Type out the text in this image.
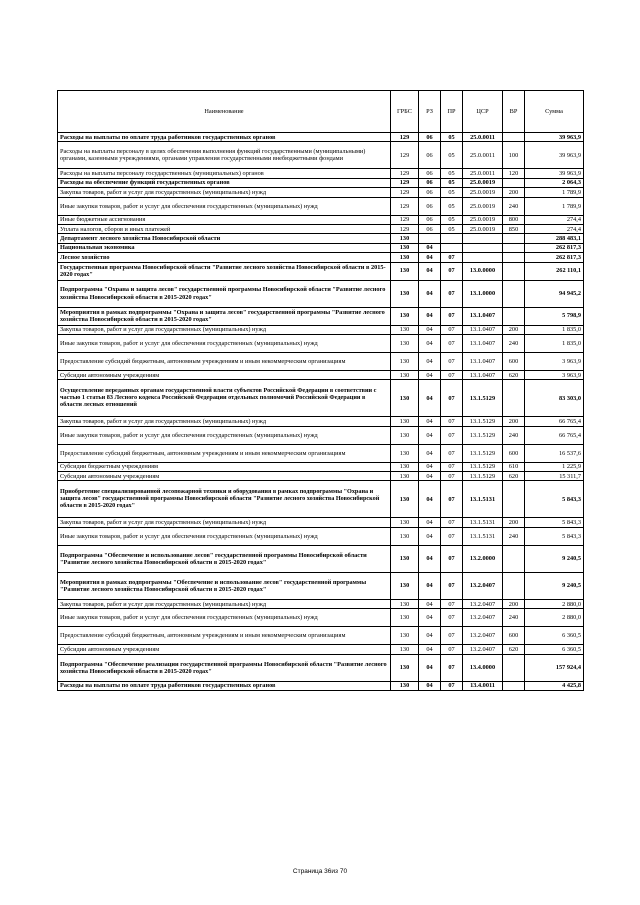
Наименование	ГРБС	РЗ	ПР	ЦСР	ВР	Сумма
Расходы на выплаты по оплате труда работников государственных органов	129	06	05	25.0.0011		39 963,9
Расходы на выплаты персоналу в целях обеспечения выполнения функций государственными (муниципальными) органами, казенными учреждениями, органами управления государственными внебюджетными фондами	129	06	05	25.0.0011	100	39 963,9
Расходы на выплаты персоналу государственных (муниципальных) органов	129	06	05	25.0.0011	120	39 963,9
Расходы на обеспечение функций государственных органов	129	06	05	25.0.0019		2 064,3
Закупка товаров, работ и услуг для государственных (муниципальных) нужд	129	06	05	25.0.0019	200	1 789,9
Иные закупки товаров, работ и услуг для обеспечения государственных (муниципальных) нужд	129	06	05	25.0.0019	240	1 789,9
Иные бюджетные ассигнования	129	06	05	25.0.0019	800	274,4
Уплата налогов, сборов и иных платежей	129	06	05	25.0.0019	850	274,4
Департамент лесного хозяйства Новосибирской области	130					288 483,1
Национальная экономика	130	04				262 817,3
Лесное хозяйство	130	04	07			262 817,3
Государственная программа Новосибирской области "Развитие лесного хозяйства Новосибирской области в 2015-2020 годах"	130	04	07	13.0.0000		262 110,1
Подпрограмма "Охрана и защита лесов" государственной программы Новосибирской области "Развитие лесного хозяйства Новосибирской области в 2015-2020 годах"	130	04	07	13.1.0000		94 945,2
Мероприятия в рамках подпрограммы "Охрана и защита лесов" государственной программы "Развитие лесного хозяйства Новосибирской области в 2015-2020 годах"	130	04	07	13.1.0407		5 798,9
Закупка товаров, работ и услуг для государственных (муниципальных) нужд	130	04	07	13.1.0407	200	1 835,0
Иные закупки товаров, работ и услуг для обеспечения государственных (муниципальных) нужд	130	04	07	13.1.0407	240	1 835,0
Предоставление субсидий бюджетным, автономным учреждениям и иным некоммерческим организациям	130	04	07	13.1.0407	600	3 963,9
Субсидии автономным учреждениям	130	04	07	13.1.0407	620	3 963,9
Осуществление переданных органам государственной власти субъектов Российской Федерации в соответствии с частью 1 статьи 83 Лесного кодекса Российской Федерации отдельных полномочий Российской Федерации в области лесных отношений	130	04	07	13.1.5129		83 303,0
Закупка товаров, работ и услуг для государственных (муниципальных) нужд	130	04	07	13.1.5129	200	66 765,4
Иные закупки товаров, работ и услуг для обеспечения государственных (муниципальных) нужд	130	04	07	13.1.5129	240	66 765,4
Предоставление субсидий бюджетным, автономным учреждениям и иным некоммерческим организациям	130	04	07	13.1.5129	600	16 537,6
Субсидии бюджетным учреждениям	130	04	07	13.1.5129	610	1 225,9
Субсидии автономным учреждениям	130	04	07	13.1.5129	620	15 311,7
Приобретение специализированной лесопожарной техники и оборудования в рамках подпрограммы "Охрана и защита лесов" государственной программы Новосибирской области "Развитие лесного хозяйства Новосибирской области в 2015-2020 годах"	130	04	07	13.1.5131		5 843,3
Закупка товаров, работ и услуг для государственных (муниципальных) нужд	130	04	07	13.1.5131	200	5 843,3
Иные закупки товаров, работ и услуг для обеспечения государственных (муниципальных) нужд	130	04	07	13.1.5131	240	5 843,3
Подпрограмма "Обеспечение и использование лесов" государственной программы Новосибирской области "Развитие лесного хозяйства Новосибирской области в 2015-2020 годах"	130	04	07	13.2.0000		9 240,5
Мероприятия в рамках подпрограммы "Обеспечение и использование лесов" государственной программы "Развитие лесного хозяйства Новосибирской области в 2015-2020 годах"	130	04	07	13.2.0407		9 240,5
Закупка товаров, работ и услуг для государственных (муниципальных) нужд	130	04	07	13.2.0407	200	2 880,0
Иные закупки товаров, работ и услуг для обеспечения государственных (муниципальных) нужд	130	04	07	13.2.0407	240	2 880,0
Предоставление субсидий бюджетным, автономным учреждениям и иным некоммерческим организациям	130	04	07	13.2.0407	600	6 360,5
Субсидии автономным учреждениям	130	04	07	13.2.0407	620	6 360,5
Подпрограмма "Обеспечение реализации государственной программы Новосибирской области "Развитие лесного хозяйства Новосибирской области в 2015-2020 годах"	130	04	07	13.4.0000		157 924,4
Расходы на выплаты по оплате труда работников государственных органов	130	04	07	13.4.0011		4 425,8
Страница 36из 70
